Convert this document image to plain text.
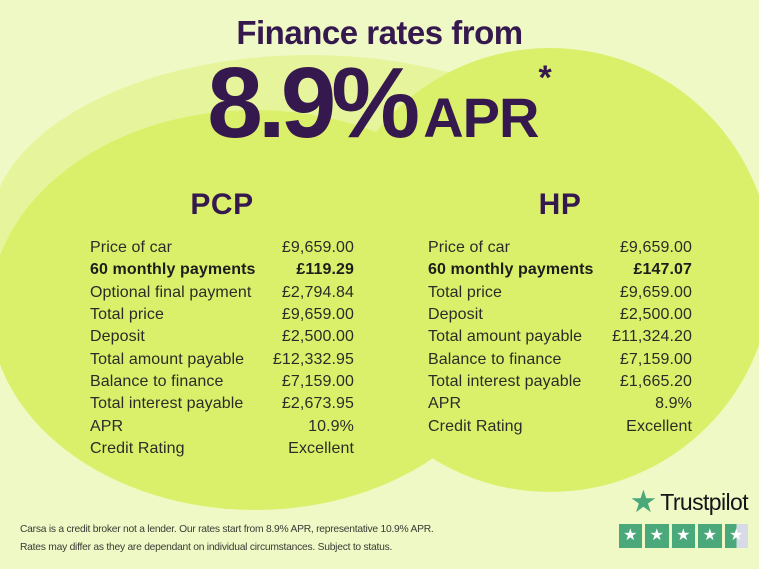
Finance rates from
8.9% APR*
PCP
Price of car	£9,659.00
60 monthly payments	£119.29
Optional final payment £2,794.84
Total price	£9,659.00
Deposit	£2,500.00
Total amount payable £12,332.95
Balance to finance	£7,159.00
Total interest payable £2,673.95
APR	10.9%
Credit Rating	Excellent
HP
Price of car	£9,659.00
60 monthly payments £147.07
Total price	£9,659.00
Deposit	£2,500.00
Total amount payable £11,324.20
Balance to finance	£7,159.00
Total interest payable £1,665.20
APR	8.9%
Credit Rating	Excellent
Carsa is a credit broker not a lender. Our rates start from 8.9% APR, representative 10.9% APR.
Rates may differ as they are dependant on individual circumstances. Subject to status.
★ Trustpilot
★ ★ ★ ★ ★
